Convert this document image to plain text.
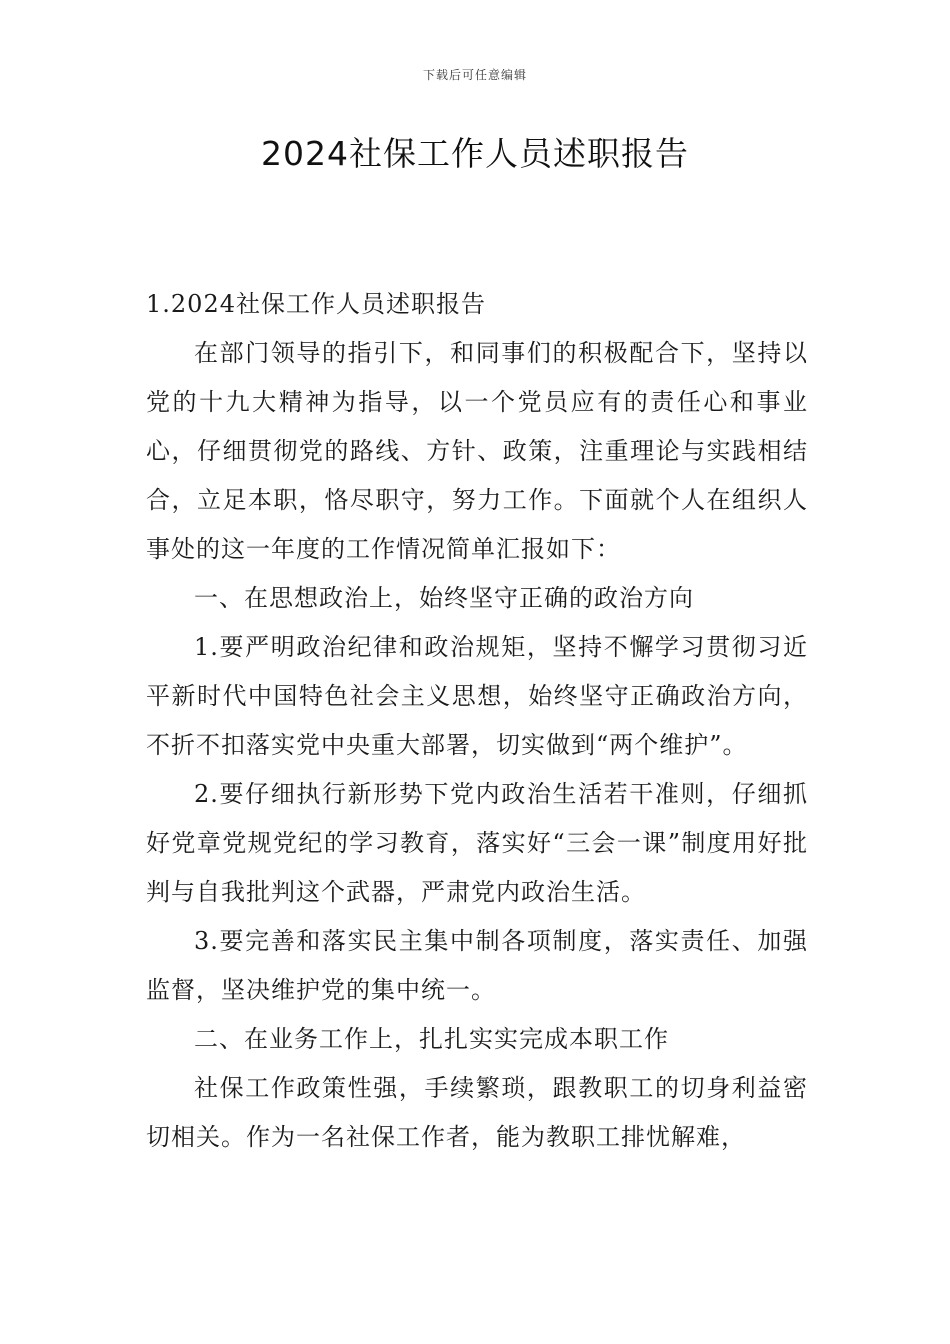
下载后可任意编辑
2024社保工作人员述职报告

1.2024社保工作人员述职报告

在部门领导的指引下，和同事们的积极配合下，坚持以党的十九大精神为指导，以一个党员应有的责任心和事业心，仔细贯彻党的路线、方针、政策，注重理论与实践相结合，立足本职，恪尽职守，努力工作。下面就个人在组织人事处的这一年度的工作情况简单汇报如下：

一、在思想政治上，始终坚守正确的政治方向

1.要严明政治纪律和政治规矩，坚持不懈学习贯彻习近平新时代中国特色社会主义思想，始终坚守正确政治方向，不折不扣落实党中央重大部署，切实做到“两个维护”。

2.要仔细执行新形势下党内政治生活若干准则，仔细抓好党章党规党纪的学习教育，落实好“三会一课”制度用好批判与自我批判这个武器，严肃党内政治生活。

3.要完善和落实民主集中制各项制度，落实责任、加强监督，坚决维护党的集中统一。

二、在业务工作上，扎扎实实完成本职工作

社保工作政策性强，手续繁琐，跟教职工的切身利益密切相关。作为一名社保工作者，能为教职工排忧解难，
